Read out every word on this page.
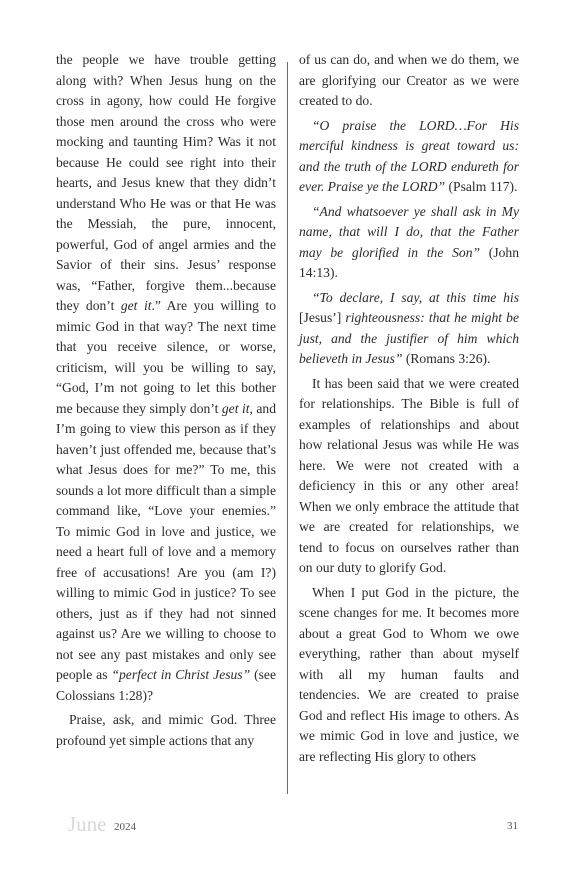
the people we have trouble getting along with? When Jesus hung on the cross in agony, how could He forgive those men around the cross who were mocking and taunting Him? Was it not because He could see right into their hearts, and Jesus knew that they didn’t understand Who He was or that He was the Messiah, the pure, innocent, powerful, God of angel armies and the Savior of their sins. Jesus’ response was, “Father, forgive them...because they don’t get it.” Are you willing to mimic God in that way? The next time that you receive silence, or worse, criticism, will you be willing to say, “God, I’m not going to let this bother me because they simply don’t get it, and I’m going to view this person as if they haven’t just offended me, because that’s what Jesus does for me?” To me, this sounds a lot more difficult than a simple command like, “Love your enemies.” To mimic God in love and justice, we need a heart full of love and a memory free of accusations! Are you (am I?) willing to mimic God in justice? To see others, just as if they had not sinned against us? Are we willing to choose to not see any past mistakes and only see people as “perfect in Christ Jesus” (see Colossians 1:28)?

Praise, ask, and mimic God. Three profound yet simple actions that any

of us can do, and when we do them, we are glorifying our Creator as we were created to do.

“O praise the LORD…For His merciful kindness is great toward us: and the truth of the LORD endureth for ever. Praise ye the LORD” (Psalm 117).

“And whatsoever ye shall ask in My name, that will I do, that the Father may be glorified in the Son” (John 14:13).

“To declare, I say, at this time his [Jesus’] righteousness: that he might be just, and the justifier of him which believeth in Jesus” (Romans 3:26).

It has been said that we were created for relationships. The Bible is full of examples of relationships and about how relational Jesus was while He was here. We were not created with a deficiency in this or any other area! When we only embrace the attitude that we are created for relationships, we tend to focus on ourselves rather than on our duty to glorify God.

When I put God in the picture, the scene changes for me. It becomes more about a great God to Whom we owe everything, rather than about myself with all my human faults and tendencies. We are created to praise God and reflect His image to others. As we mimic God in love and justice, we are reflecting His glory to others

June 2024	31
